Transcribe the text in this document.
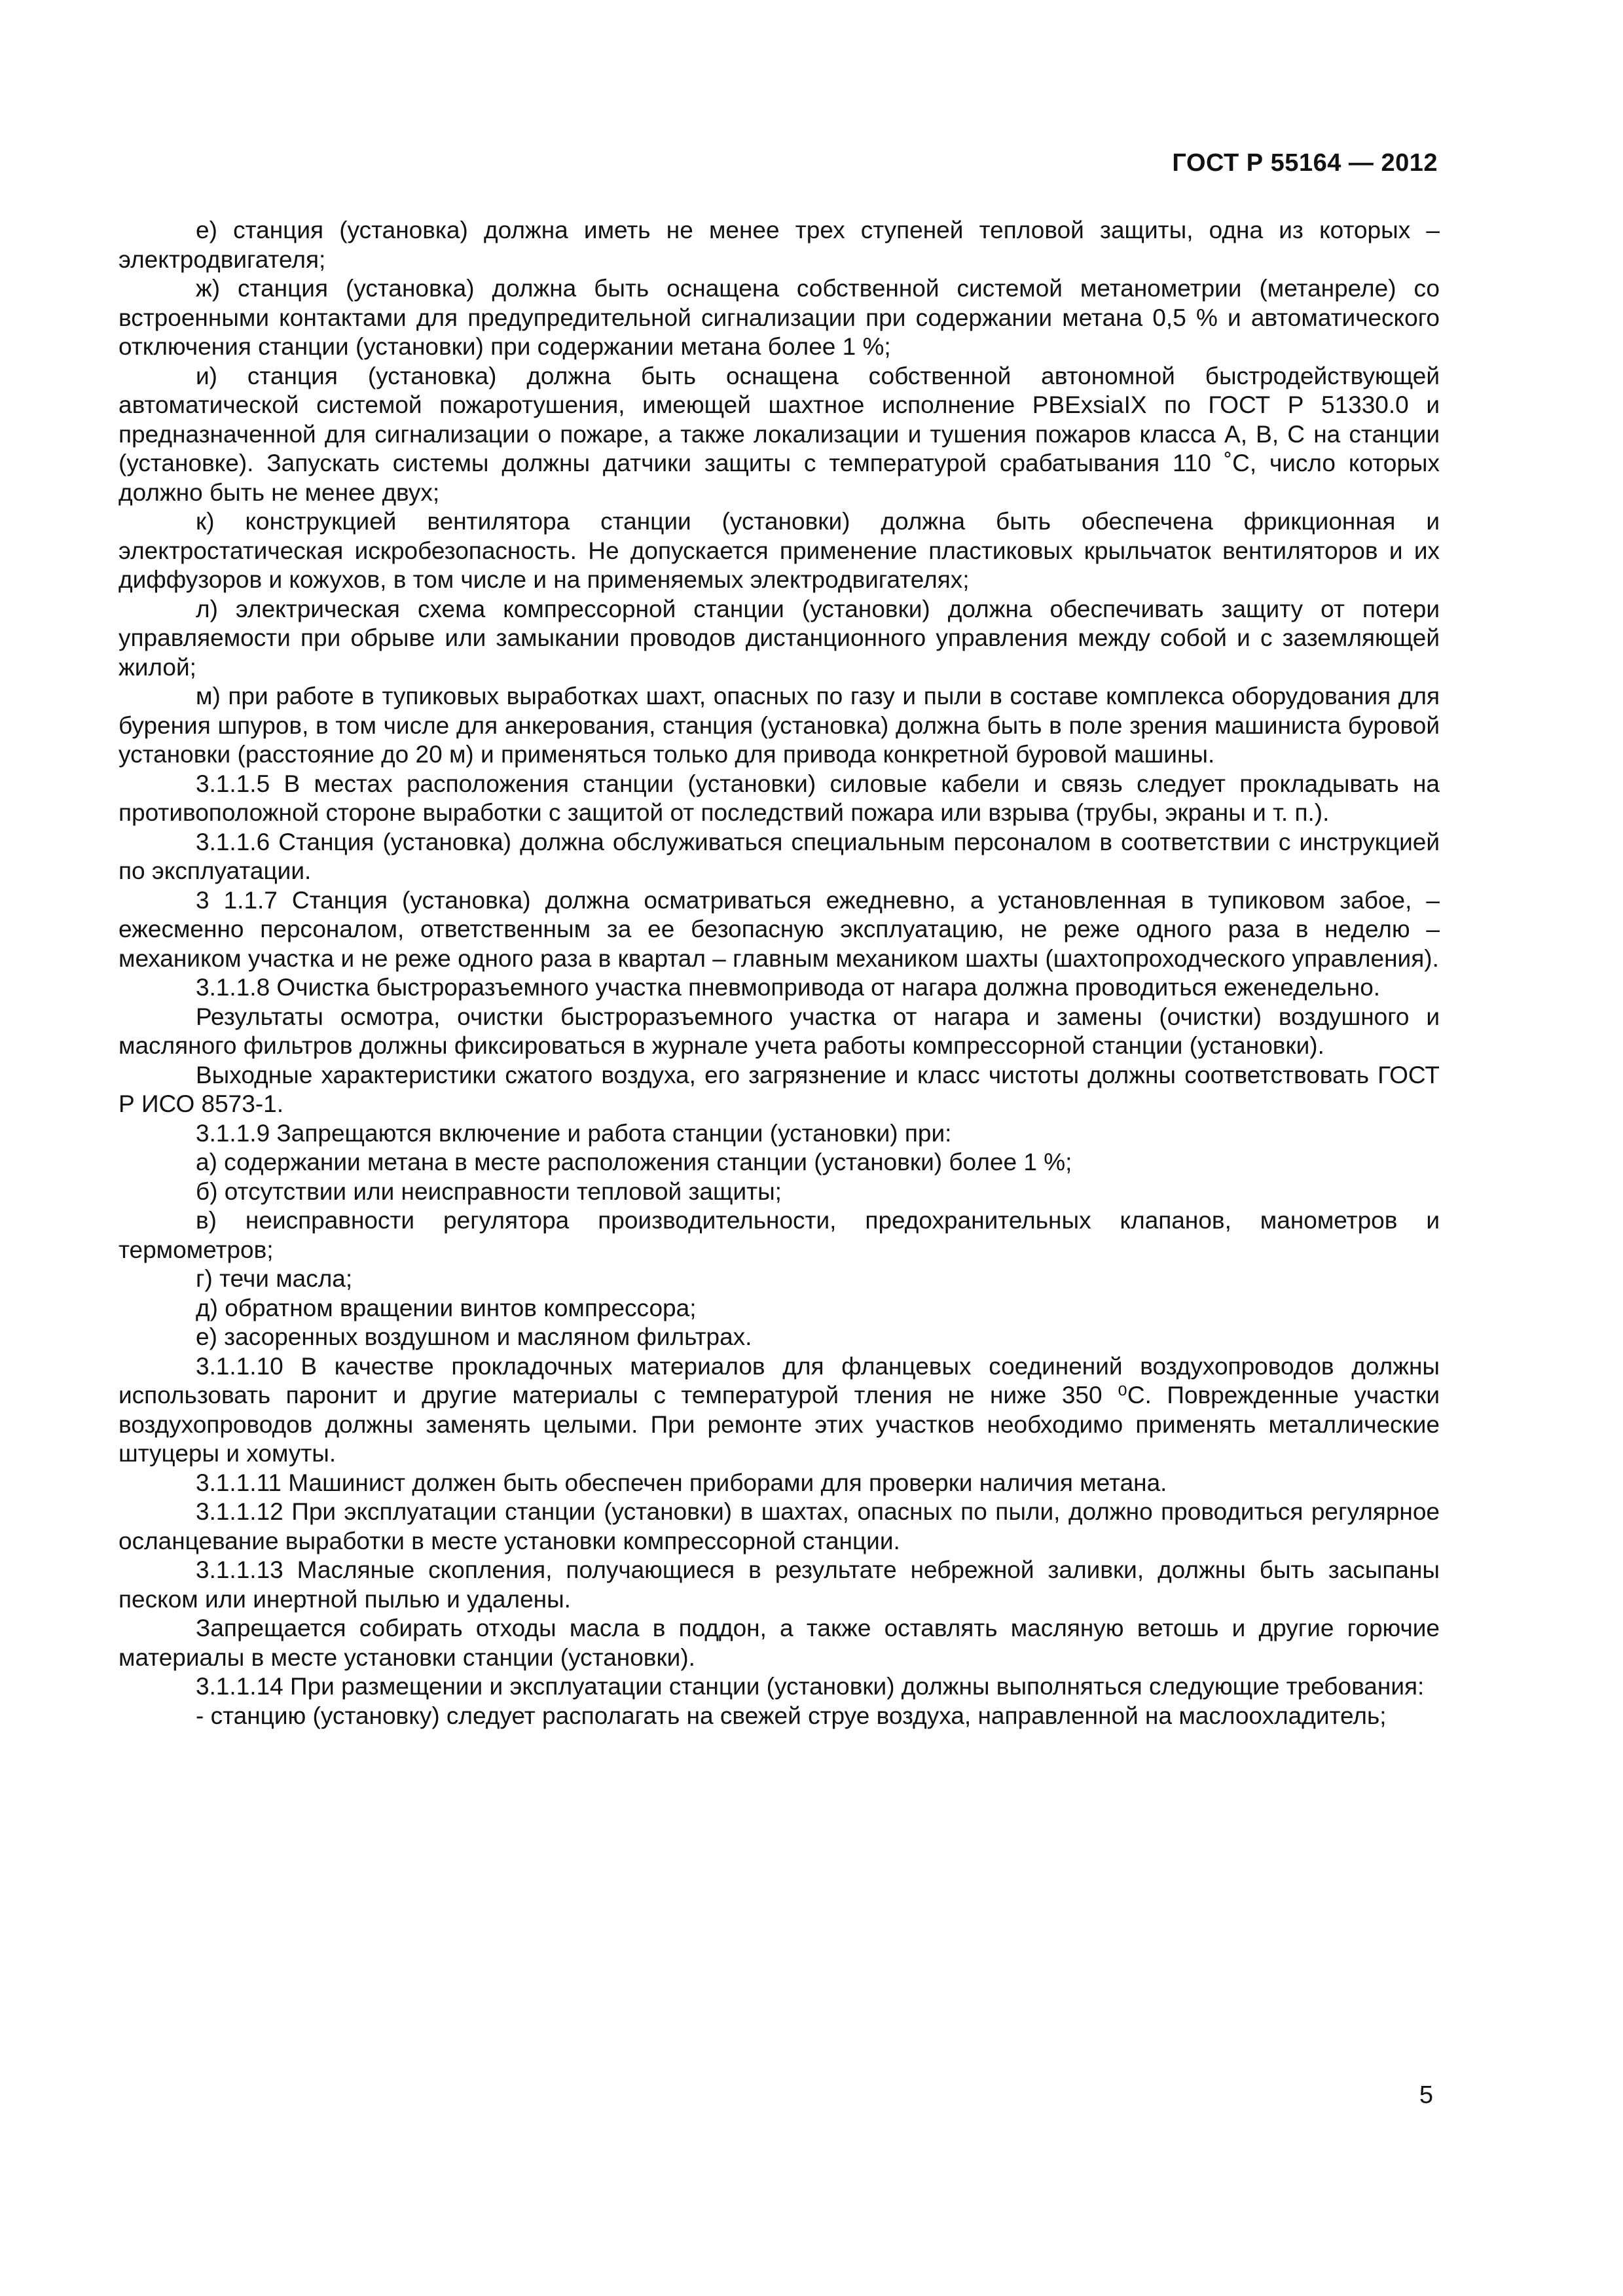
ГОСТ Р 55164 — 2012

е) станция (установка) должна иметь не менее трех ступеней тепловой защиты, одна из которых – электродвигателя;

ж) станция (установка) должна быть оснащена собственной системой метанометрии (метанреле) со встроенными контактами для предупредительной сигнализации при содержании метана 0,5 % и автоматического отключения станции (установки) при содержании метана более 1 %;

и) станция (установка) должна быть оснащена собственной автономной быстродействующей автоматической системой пожаротушения, имеющей шахтное исполнение PBExsiaIX по ГОСТ Р 51330.0 и предназначенной для сигнализации о пожаре, а также локализации и тушения пожаров класса А, В, С на станции (установке). Запускать системы должны датчики защиты с температурой срабатывания 110 ˚С, число которых должно быть не менее двух;

к) конструкцией вентилятора станции (установки) должна быть обеспечена фрикционная и электростатическая искробезопасность. Не допускается применение пластиковых крыльчаток вентиляторов и их диффузоров и кожухов, в том числе и на применяемых электродвигателях;

л) электрическая схема компрессорной станции (установки) должна обеспечивать защиту от потери управляемости при обрыве или замыкании проводов дистанционного управления между собой и с заземляющей жилой;

м) при работе в тупиковых выработках шахт, опасных по газу и пыли в составе комплекса оборудования для бурения шпуров, в том числе для анкерования, станция (установка) должна быть в поле зрения машиниста буровой установки (расстояние до 20 м) и применяться только для привода конкретной буровой машины.

3.1.1.5 В местах расположения станции (установки) силовые кабели и связь следует прокладывать на противоположной стороне выработки с защитой от последствий пожара или взрыва (трубы, экраны и т. п.).

3.1.1.6 Станция (установка) должна обслуживаться специальным персоналом в соответствии с инструкцией по эксплуатации.

3 1.1.7 Станция (установка) должна осматриваться ежедневно, а установленная в тупиковом забое, – ежесменно персоналом, ответственным за ее безопасную эксплуатацию, не реже одного раза в неделю – механиком участка и не реже одного раза в квартал – главным механиком шахты (шахтопроходческого управления).

3.1.1.8 Очистка быстроразъемного участка пневмопривода от нагара должна проводиться еженедельно.

Результаты осмотра, очистки быстроразъемного участка от нагара и замены (очистки) воздушного и масляного фильтров должны фиксироваться в журнале учета работы компрессорной станции (установки).

Выходные характеристики сжатого воздуха, его загрязнение и класс чистоты должны соответствовать ГОСТ Р ИСО 8573-1.

3.1.1.9 Запрещаются включение и работа станции (установки) при:

а) содержании метана в месте расположения станции (установки) более 1 %;

б) отсутствии или неисправности тепловой защиты;

в) неисправности регулятора производительности, предохранительных клапанов, манометров и термометров;

г) течи масла;

д) обратном вращении винтов компрессора;

е) засоренных воздушном и масляном фильтрах.

3.1.1.10 В качестве прокладочных материалов для фланцевых соединений воздухопроводов должны использовать паронит и другие материалы с температурой тления не ниже 350 ⁰С. Поврежденные участки воздухопроводов должны заменять целыми. При ремонте этих участков необходимо применять металлические штуцеры и хомуты.

3.1.1.11 Машинист должен быть обеспечен приборами для проверки наличия метана.

3.1.1.12 При эксплуатации станции (установки) в шахтах, опасных по пыли, должно проводиться регулярное осланцевание выработки в месте установки компрессорной станции.

3.1.1.13 Масляные скопления, получающиеся в результате небрежной заливки, должны быть засыпаны песком или инертной пылью и удалены.

Запрещается собирать отходы масла в поддон, а также оставлять масляную ветошь и другие горючие материалы в месте установки станции (установки).

3.1.1.14 При размещении и эксплуатации станции (установки) должны выполняться следующие требования:

- станцию (установку) следует располагать на свежей струе воздуха, направленной на маслоохладитель;

5
